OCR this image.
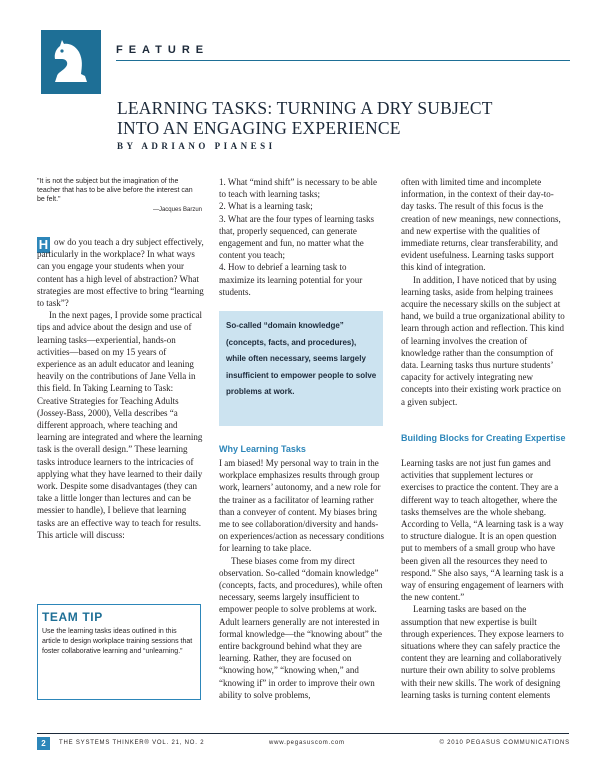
FEATURE
LEARNING TASKS: TURNING A DRY SUBJECT
INTO AN ENGAGING EXPERIENCE
BY ADRIANO PIANESI
"It is not the subject but the imagination of the teacher that has to be alive before the interest can be felt."
—Jacques Barzun
H ow do you teach a dry subject effectively, particularly in the workplace? In what ways can you engage your students when your content has a high level of abstraction? What strategies are most effective to bring “learning to task”?

In the next pages, I provide some practical tips and advice about the design and use of learning tasks—experiential, hands-on activities—based on my 15 years of experience as an adult educator and leaning heavily on the contributions of Jane Vella in this field. In Taking Learning to Task: Creative Strategies for Teaching Adults (Jossey-Bass, 2000), Vella describes “a different approach, where teaching and learning are integrated and where the learning task is the overall design.” These learning tasks introduce learners to the intricacies of applying what they have learned to their daily work. Despite some disadvantages (they can take a little longer than lectures and can be messier to handle), I believe that learning tasks are an effective way to teach for results. This article will discuss:

TEAM TIP
Use the learning tasks ideas outlined in this article to design workplace training sessions that foster collaborative learning and “unlearning.”

1. What “mind shift” is necessary to be able to teach with learning tasks;

2. What is a learning task;

3. What are the four types of learning tasks that, properly sequenced, can generate engagement and fun, no matter what the content you teach;

4. How to debrief a learning task to maximize its learning potential for your students.

So-called “domain knowledge” (concepts, facts, and procedures), while often necessary, seems largely insufficient to empower people to solve problems at work.
Why Learning Tasks

I am biased! My personal way to train in the workplace emphasizes results through group work, learners’ autonomy, and a new role for the trainer as a facilitator of learning rather than a conveyer of content. My biases bring me to see collaboration/diversity and hands-on experiences/action as necessary conditions for learning to take place.

These biases come from my direct observation. So-called “domain knowledge” (concepts, facts, and procedures), while often necessary, seems largely insufficient to empower people to solve problems at work. Adult learners generally are not interested in formal knowledge—the “knowing about” the entire background behind what they are learning. Rather, they are focused on “knowing how,” “knowing when,” and “knowing if” in order to improve their own ability to solve problems,

often with limited time and incomplete information, in the context of their day-to-day tasks. The result of this focus is the creation of new meanings, new connections, and new expertise with the qualities of immediate returns, clear transferability, and evident usefulness. Learning tasks support this kind of integration.

In addition, I have noticed that by using learning tasks, aside from helping trainees acquire the necessary skills on the subject at hand, we build a true organizational ability to learn through action and reflection. This kind of learning involves the creation of knowledge rather than the consumption of data. Learning tasks thus nurture students’ capacity for actively integrating new concepts into their existing work practice on a given subject.

Building Blocks for Creating Expertise

Learning tasks are not just fun games and activities that supplement lectures or exercises to practice the content. They are a different way to teach altogether, where the tasks themselves are the whole shebang. According to Vella, “A learning task is a way to structure dialogue. It is an open question put to members of a small group who have been given all the resources they need to respond.” She also says, “A learning task is a way of ensuring engagement of learners with the new content.”

Learning tasks are based on the assumption that new expertise is built through experiences. They expose learners to situations where they can safely practice the content they are learning and collaboratively nurture their own ability to solve problems with their new skills. The work of designing learning tasks is turning content elements

2	THE SYSTEMS THINKER® VOL. 21, NO. 2	www.pegasuscom.com	© 2010 PEGASUS COMMUNICATIONS
